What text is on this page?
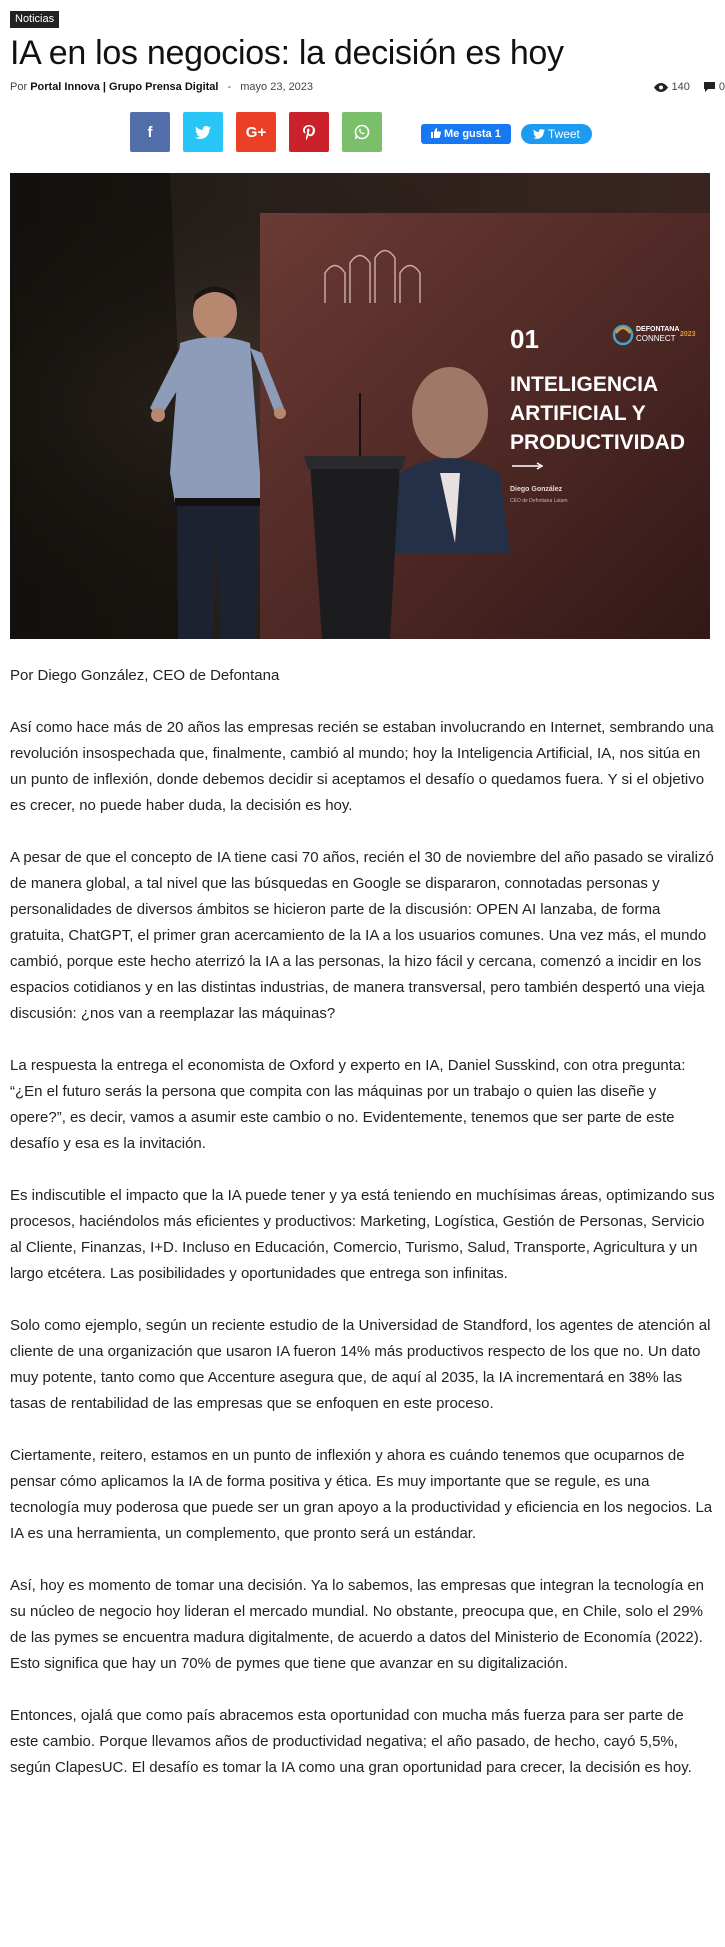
Noticias
IA en los negocios: la decisión es hoy
Por Portal Innova | Grupo Prensa Digital - mayo 23, 2023	140	0
f	G+	Me gusta 1	Tweet
01
INTELIGENCIA
ARTIFICIAL Y
PRODUCTIVIDAD
Diego González
CEO de Defontana Latam
DEFONTANA
CONNECT 2023

Por Diego González, CEO de Defontana

Así como hace más de 20 años las empresas recién se estaban involucrando en Internet, sembrando una revolución insospechada que, finalmente, cambió al mundo; hoy la Inteligencia Artificial, IA, nos sitúa en un punto de inflexión, donde debemos decidir si aceptamos el desafío o quedamos fuera. Y si el objetivo es crecer, no puede haber duda, la decisión es hoy.

A pesar de que el concepto de IA tiene casi 70 años, recién el 30 de noviembre del año pasado se viralizó de manera global, a tal nivel que las búsquedas en Google se dispararon, connotadas personas y personalidades de diversos ámbitos se hicieron parte de la discusión: OPEN AI lanzaba, de forma gratuita, ChatGPT, el primer gran acercamiento de la IA a los usuarios comunes. Una vez más, el mundo cambió, porque este hecho aterrizó la IA a las personas, la hizo fácil y cercana, comenzó a incidir en los espacios cotidianos y en las distintas industrias, de manera transversal, pero también despertó una vieja discusión: ¿nos van a reemplazar las máquinas?

La respuesta la entrega el economista de Oxford y experto en IA, Daniel Susskind, con otra pregunta: “¿En el futuro serás la persona que compita con las máquinas por un trabajo o quien las diseñe y opere?”, es decir, vamos a asumir este cambio o no. Evidentemente, tenemos que ser parte de este desafío y esa es la invitación.

Es indiscutible el impacto que la IA puede tener y ya está teniendo en muchísimas áreas, optimizando sus procesos, haciéndolos más eficientes y productivos: Marketing, Logística, Gestión de Personas, Servicio al Cliente, Finanzas, I+D. Incluso en Educación, Comercio, Turismo, Salud, Transporte, Agricultura y un largo etcétera. Las posibilidades y oportunidades que entrega son infinitas.

Solo como ejemplo, según un reciente estudio de la Universidad de Standford, los agentes de atención al cliente de una organización que usaron IA fueron 14% más productivos respecto de los que no. Un dato muy potente, tanto como que Accenture asegura que, de aquí al 2035, la IA incrementará en 38% las tasas de rentabilidad de las empresas que se enfoquen en este proceso.

Ciertamente, reitero, estamos en un punto de inflexión y ahora es cuándo tenemos que ocuparnos de pensar cómo aplicamos la IA de forma positiva y ética. Es muy importante que se regule, es una tecnología muy poderosa que puede ser un gran apoyo a la productividad y eficiencia en los negocios. La IA es una herramienta, un complemento, que pronto será un estándar.

Así, hoy es momento de tomar una decisión. Ya lo sabemos, las empresas que integran la tecnología en su núcleo de negocio hoy lideran el mercado mundial. No obstante, preocupa que, en Chile, solo el 29% de las pymes se encuentra madura digitalmente, de acuerdo a datos del Ministerio de Economía (2022). Esto significa que hay un 70% de pymes que tiene que avanzar en su digitalización.

Entonces, ojalá que como país abracemos esta oportunidad con mucha más fuerza para ser parte de este cambio. Porque llevamos años de productividad negativa; el año pasado, de hecho, cayó 5,5%, según ClapesUC. El desafío es tomar la IA como una gran oportunidad para crecer, la decisión es hoy.
